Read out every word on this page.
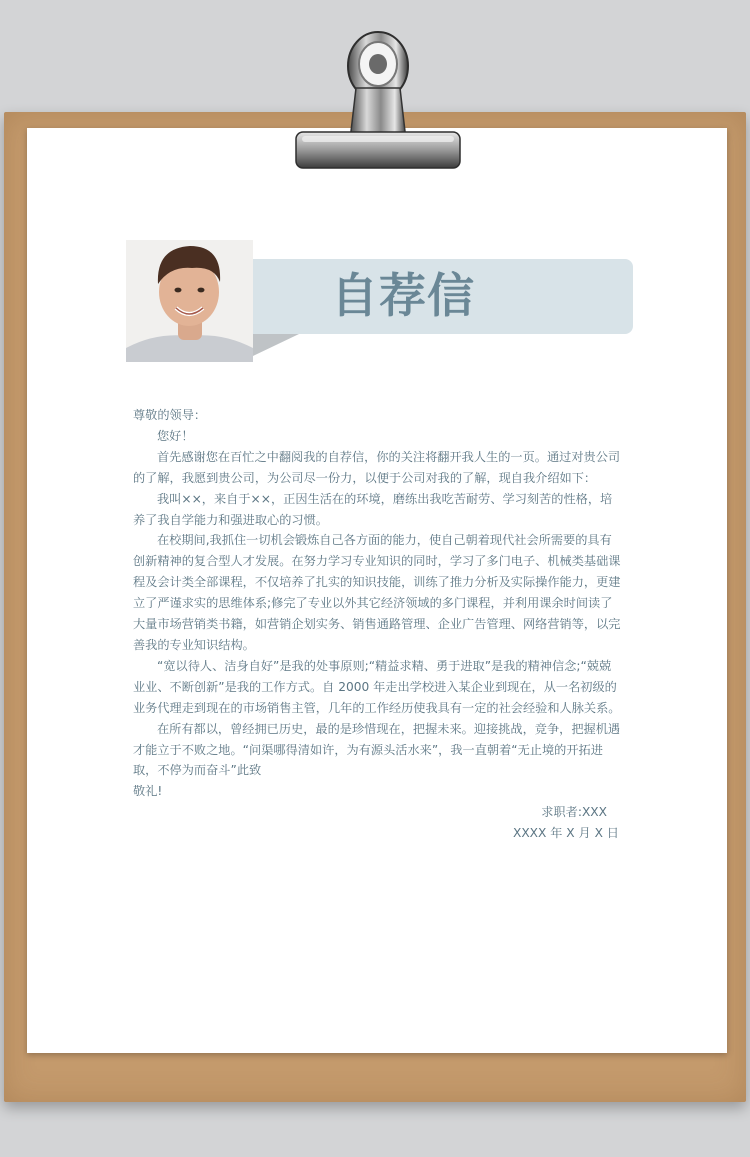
自荐信

尊敬的领导：

您好！

首先感谢您在百忙之中翻阅我的自荐信，你的关注将翻开我人生的一页。通过对贵公司的了解，我愿到贵公司，为公司尽一份力，以便于公司对我的了解，现自我介绍如下：

我叫××，来自于××，正因生活在的环境，磨练出我吃苦耐劳、学习刻苦的性格，培养了我自学能力和强进取心的习惯。

在校期间,我抓住一切机会锻炼自己各方面的能力，使自己朝着现代社会所需要的具有创新精神的复合型人才发展。在努力学习专业知识的同时，学习了多门电子、机械类基础课程及会计类全部课程，不仅培养了扎实的知识技能，训练了推力分析及实际操作能力，更建立了严谨求实的思维体系;修完了专业以外其它经济领域的多门课程，并利用课余时间读了大量市场营销类书籍，如营销企划实务、销售通路管理、企业广告管理、网络营销等，以完善我的专业知识结构。

“宽以待人、洁身自好”是我的处事原则;“精益求精、勇于进取”是我的精神信念;“兢兢业业、不断创新”是我的工作方式。自 2000 年走出学校进入某企业到现在，从一名初级的业务代理走到现在的市场销售主管，几年的工作经历使我具有一定的社会经验和人脉关系。

在所有都以，曾经拥已历史，最的是珍惜现在，把握未来。迎接挑战，竞争，把握机遇才能立于不败之地。“问渠哪得清如许，为有源头活水来”，我一直朝着“无止境的开拓进取，不停为而奋斗”此致

敬礼!

求职者:XXX

XXXX 年 X 月 X 日
